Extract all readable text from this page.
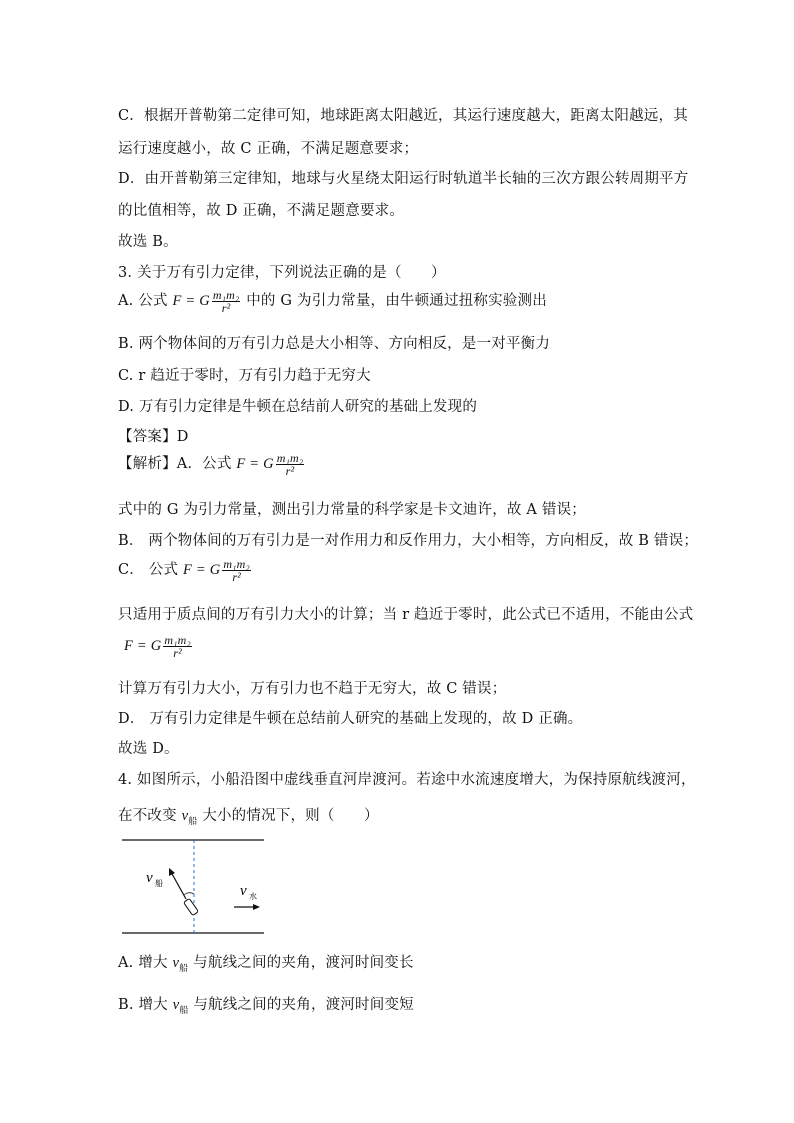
C．根据开普勒第二定律可知，地球距离太阳越近，其运行速度越大，距离太阳越远，其
运行速度越小，故 C 正确，不满足题意要求；
D．由开普勒第三定律知，地球与火星绕太阳运行时轨道半长轴的三次方跟公转周期平方
的比值相等，故 D 正确，不满足题意要求。
故选 B。
3. 关于万有引力定律，下列说法正确的是（　　）
A. 公式 F = G $\frac{\text{m₁m₂}}{\text{r²}}$ 中的 G 为引力常量，由牛顿通过扭称实验测出
B. 两个物体间的万有引力总是大小相等、方向相反，是一对平衡力
C. r 趋近于零时，万有引力趋于无穷大
D. 万有引力定律是牛顿在总结前人研究的基础上发现的
【答案】D
【解析】A．公式 F = G $\frac{\text{m₁m₂}}{\text{r²}}$
式中的 G 为引力常量，测出引力常量的科学家是卡文迪许，故 A 错误；
B． 两个物体间的万有引力是一对作用力和反作用力，大小相等，方向相反，故 B 错误；
C． 公式 F = G $\frac{\text{m₁m₂}}{\text{r²}}$
只适用于质点间的万有引力大小的计算；当 r 趋近于零时，此公式已不适用，不能由公式
F = G $\frac{\text{m₁m₂}}{\text{r²}}$
计算万有引力大小，万有引力也不趋于无穷大，故 C 错误；
D． 万有引力定律是牛顿在总结前人研究的基础上发现的，故 D 正确。
故选 D。
4. 如图所示，小船沿图中虚线垂直河岸渡河。若途中水流速度增大，为保持原航线渡河，
在不改变 $v_船$ 大小的情况下，则（　　）
v 船	v 水
A. 增大 $v_船$ 与航线之间的夹角，渡河时间变长
B. 增大 $v_船$ 与航线之间的夹角，渡河时间变短
